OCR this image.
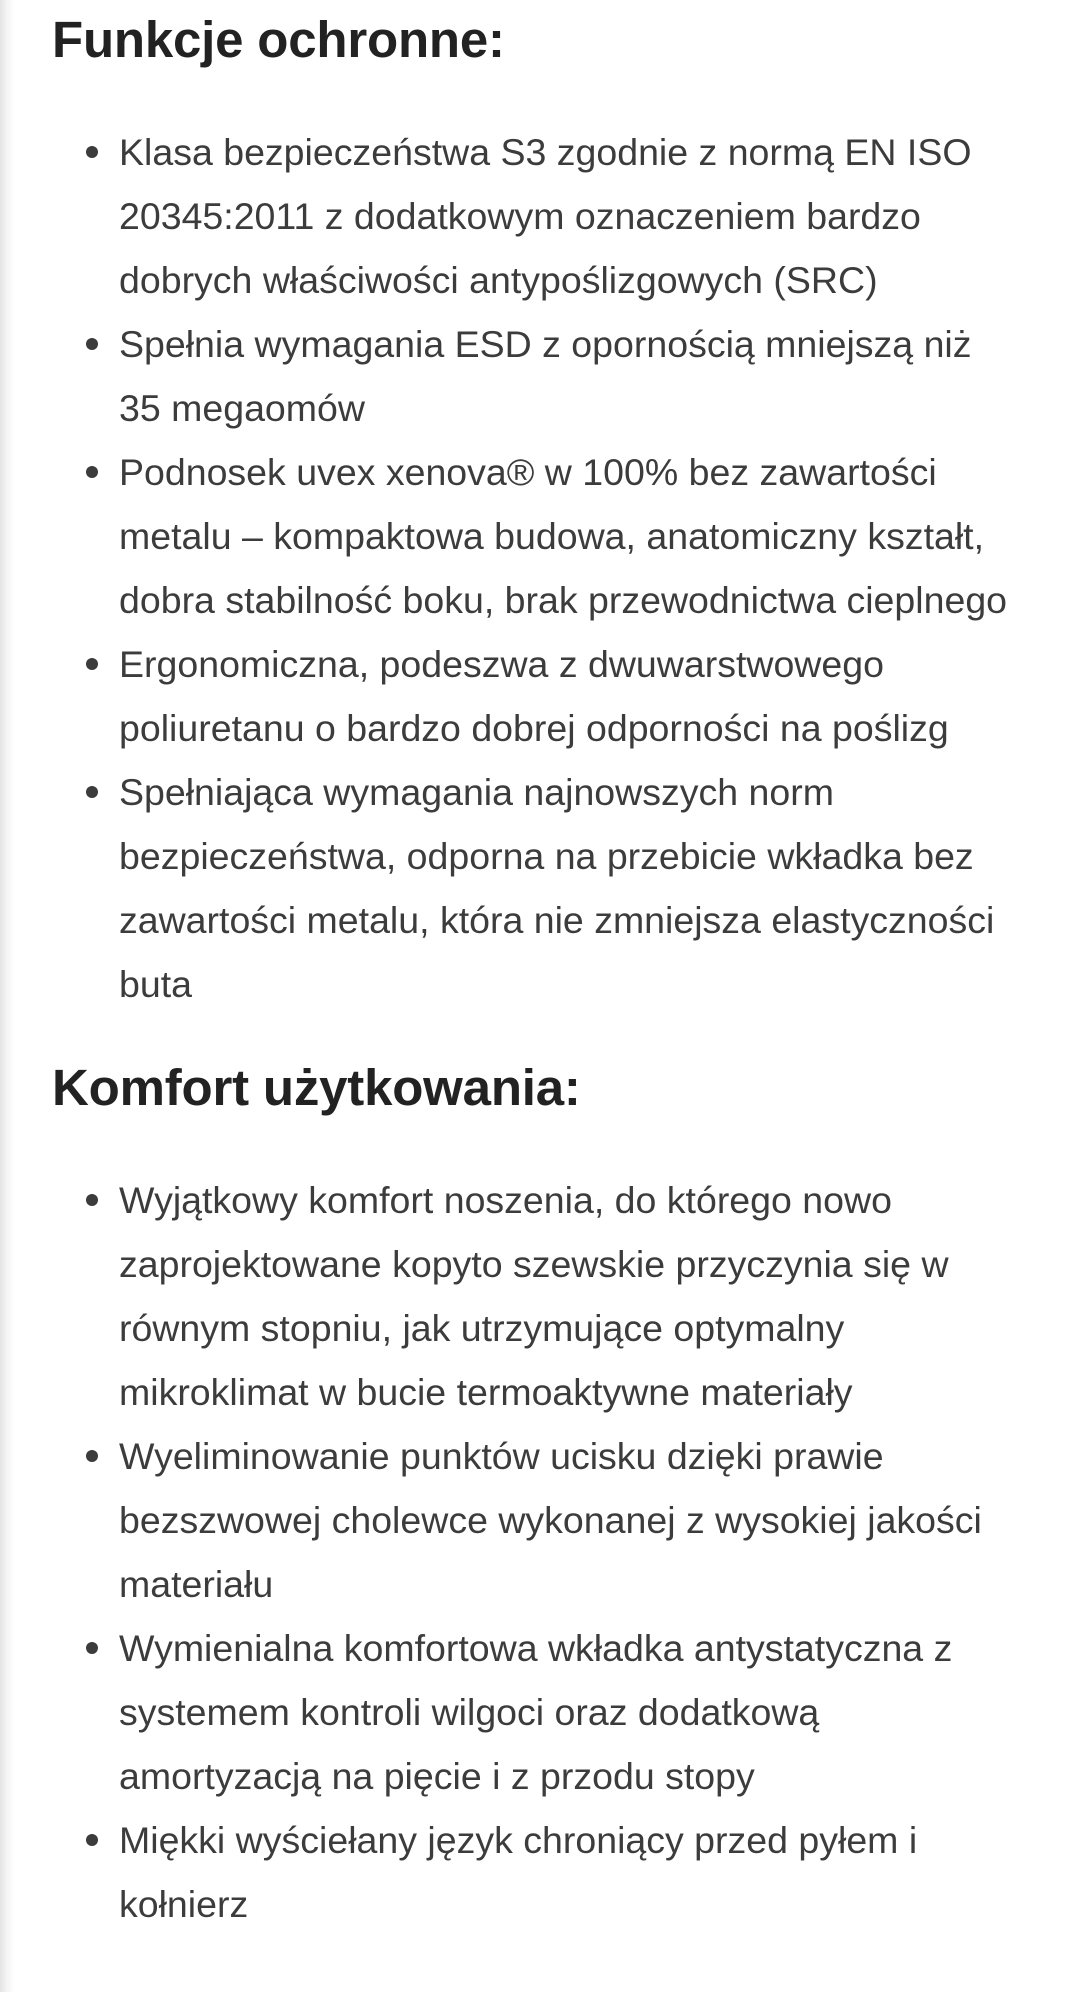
Funkcje ochronne:
Klasa bezpieczeństwa S3 zgodnie z normą EN ISO 20345:2011 z dodatkowym oznaczeniem bardzo dobrych właściwości antypoślizgowych (SRC)
Spełnia wymagania ESD z opornością mniejszą niż 35 megaomów
Podnosek uvex xenova® w 100% bez zawartości metalu – kompaktowa budowa, anatomiczny kształt, dobra stabilność boku, brak przewodnictwa cieplnego
Ergonomiczna, podeszwa z dwuwarstwowego poliuretanu o bardzo dobrej odporności na poślizg
Spełniająca wymagania najnowszych norm bezpieczeństwa, odporna na przebicie wkładka bez zawartości metalu, która nie zmniejsza elastyczności buta
Komfort użytkowania:
Wyjątkowy komfort noszenia, do którego nowo zaprojektowane kopyto szewskie przyczynia się w równym stopniu, jak utrzymujące optymalny mikroklimat w bucie termoaktywne materiały
Wyeliminowanie punktów ucisku dzięki prawie bezszwowej cholewce wykonanej z wysokiej jakości materiału
Wymienialna komfortowa wkładka antystatyczna z systemem kontroli wilgoci oraz dodatkową amortyzacją na pięcie i z przodu stopy
Miękki wyściełany język chroniący przed pyłem i kołnierz
